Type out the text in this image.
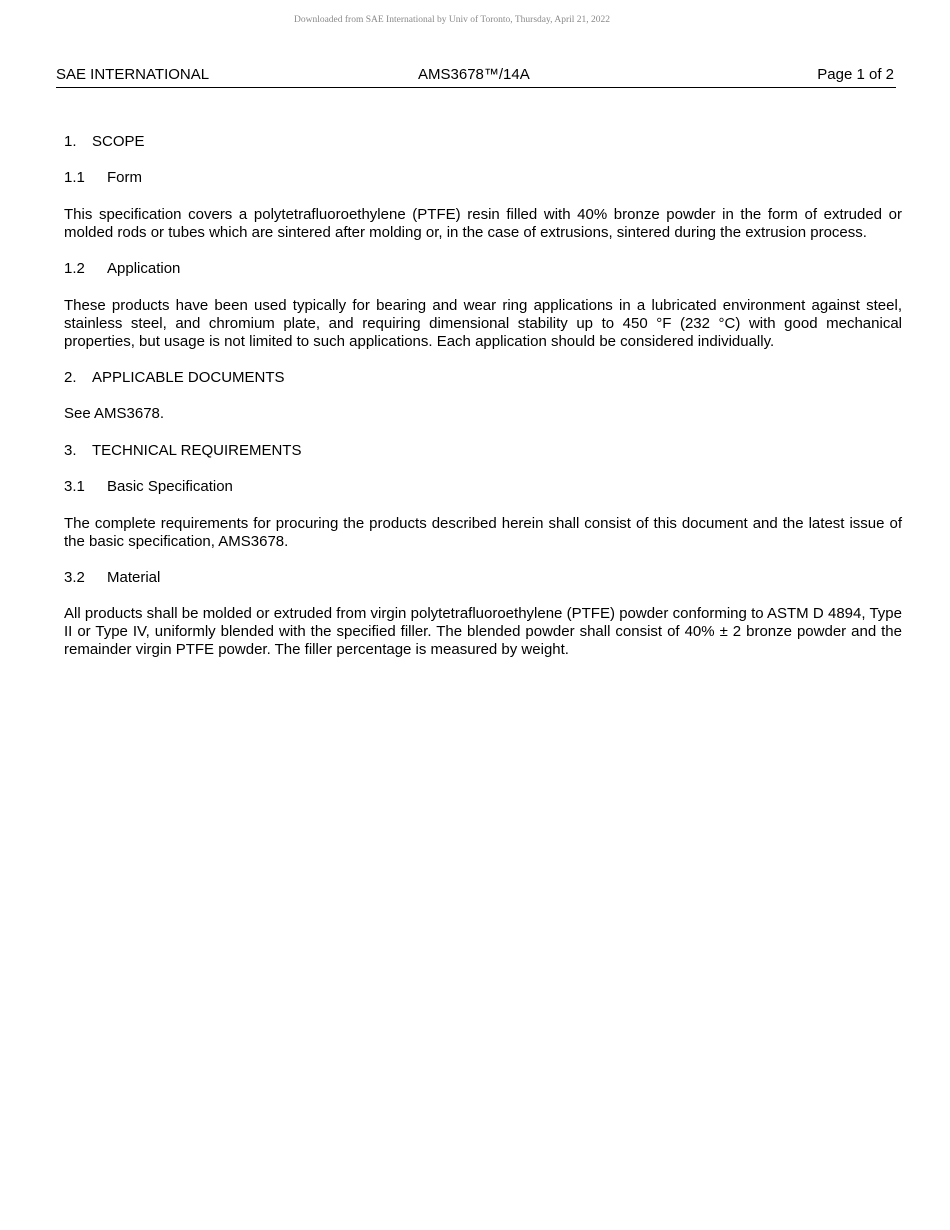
Downloaded from SAE International by Univ of Toronto, Thursday, April 21, 2022
SAE INTERNATIONAL	AMS3678™/14A	Page 1 of 2
1. SCOPE
1.1 Form

This specification covers a polytetrafluoroethylene (PTFE) resin filled with 40% bronze powder in the form of extruded or molded rods or tubes which are sintered after molding or, in the case of extrusions, sintered during the extrusion process.

1.2 Application

These products have been used typically for bearing and wear ring applications in a lubricated environment against steel, stainless steel, and chromium plate, and requiring dimensional stability up to 450 °F (232 °C) with good mechanical properties, but usage is not limited to such applications. Each application should be considered individually.

2. APPLICABLE DOCUMENTS

See AMS3678.

3. TECHNICAL REQUIREMENTS
3.1 Basic Specification

The complete requirements for procuring the products described herein shall consist of this document and the latest issue of the basic specification, AMS3678.

3.2 Material

All products shall be molded or extruded from virgin polytetrafluoroethylene (PTFE) powder conforming to ASTM D 4894, Type II or Type IV, uniformly blended with the specified filler. The blended powder shall consist of 40% ± 2 bronze powder and the remainder virgin PTFE powder. The filler percentage is measured by weight.
